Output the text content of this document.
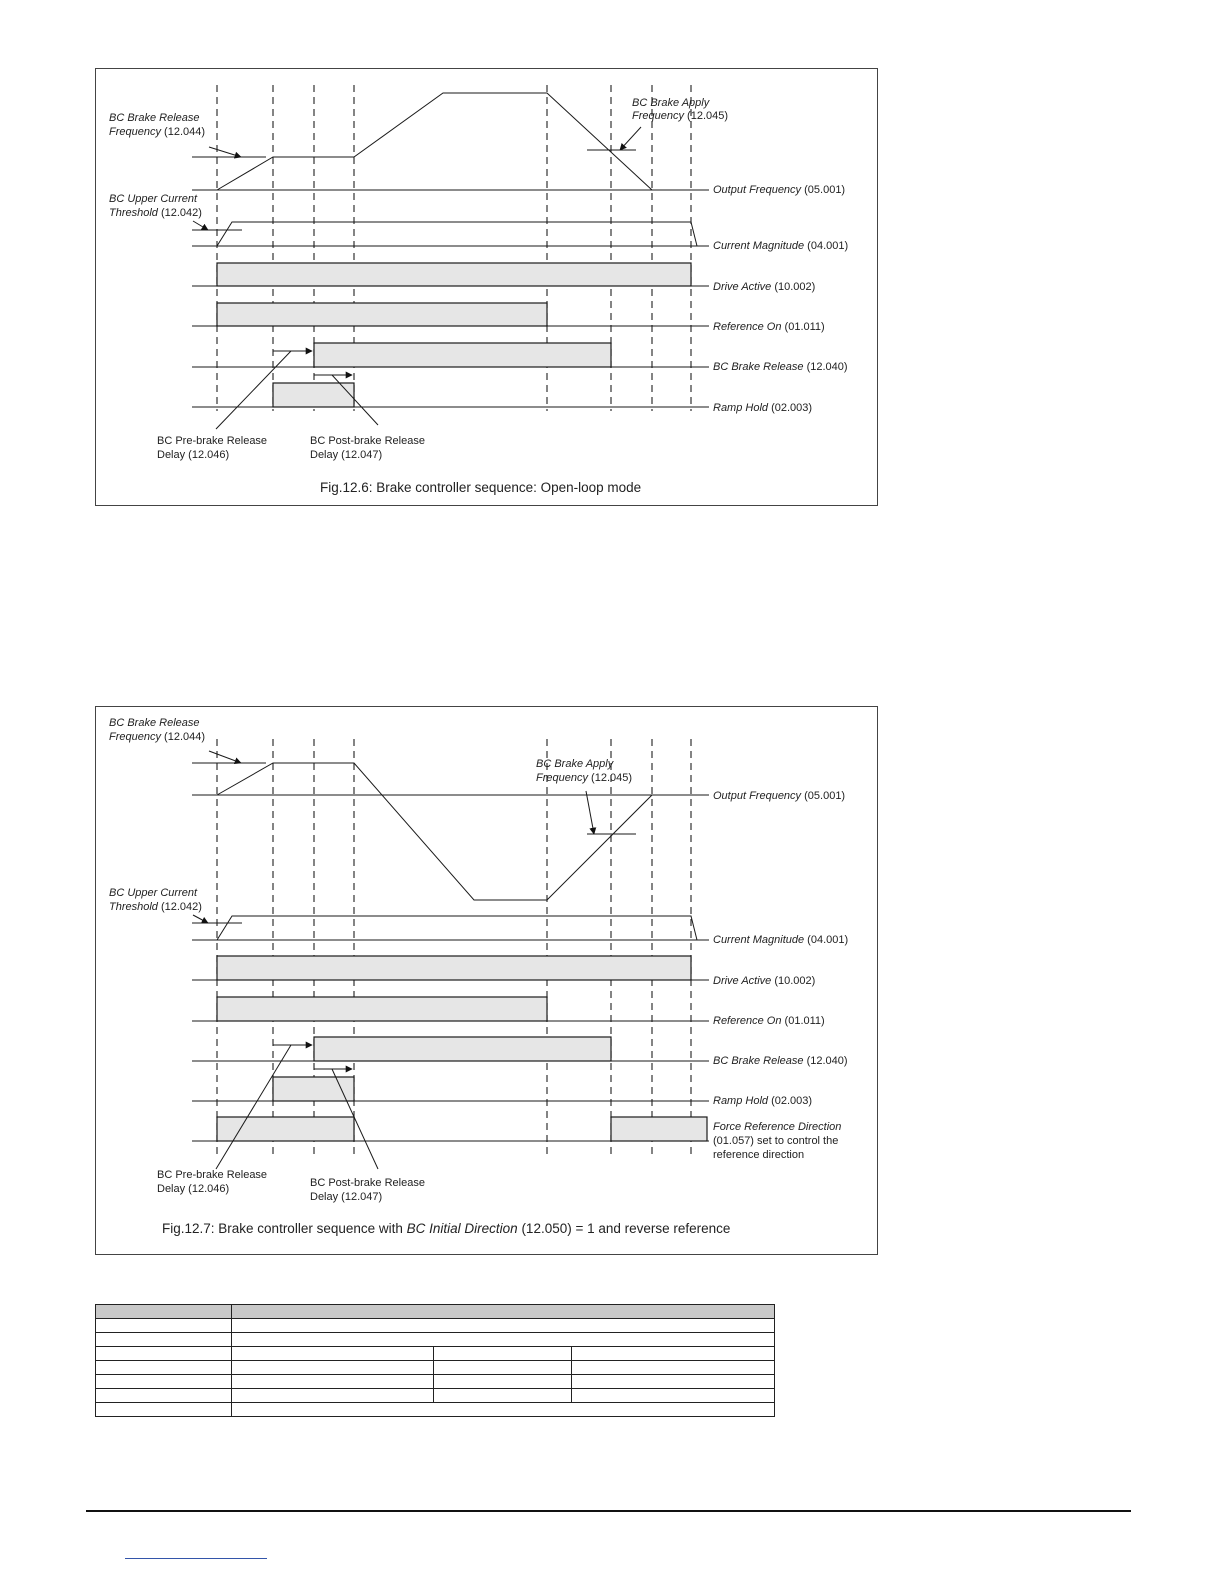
BC Brake Release
Frequency (12.044)
BC Brake Apply
Frequency (12.045)
BC Upper Current
Threshold (12.042)
BC Pre-brake Release
Delay (12.046)
BC Post-brake Release
Delay (12.047)
Output Frequency (05.001)
Current Magnitude (04.001)
Drive Active (10.002)
Reference On (01.011)
BC Brake Release (12.040)
Ramp Hold (02.003)
Fig.12.6: Brake controller sequence: Open-loop mode
BC Brake Release
Frequency (12.044)
BC Brake Apply
Frequency (12.045)
BC Upper Current
Threshold (12.042)
BC Pre-brake Release
Delay (12.046)	BC Post-brake Release
Delay (12.047)
Output Frequency (05.001)
Current Magnitude (04.001)
Drive Active (10.002)
Reference On (01.011)
BC Brake Release (12.040)
Ramp Hold (02.003)
Force Reference Direction
(01.057) set to control the
reference direction
Fig.12.7: Brake controller sequence with BC Initial Direction (12.050) = 1 and reverse reference
